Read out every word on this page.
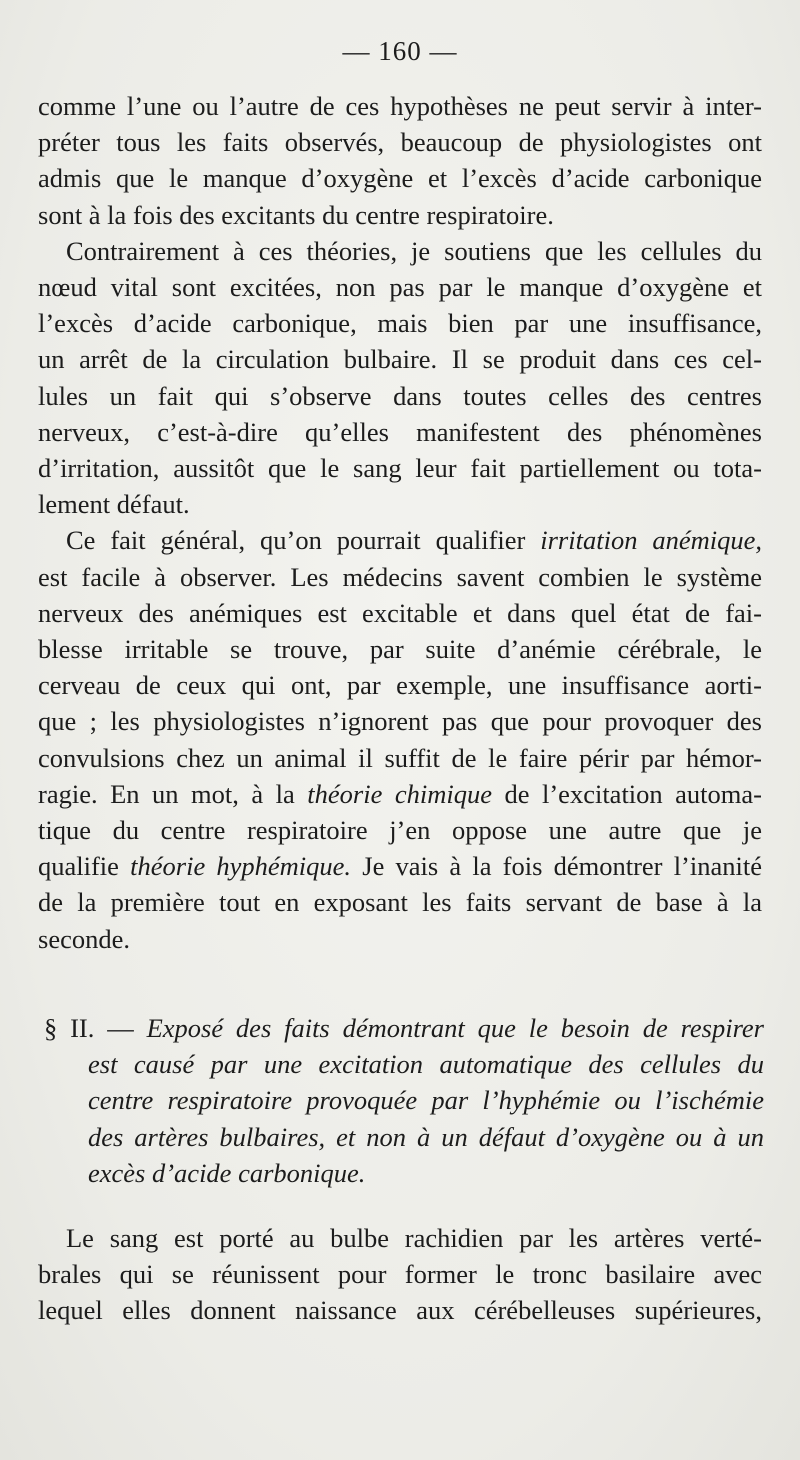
— 160 —
comme l’une ou l’autre de ces hypothèses ne peut servir à inter-
préter tous les faits observés, beaucoup de physiologistes ont
admis que le manque d’oxygène et l’excès d’acide carbonique
sont à la fois des excitants du centre respiratoire.
Contrairement à ces théories, je soutiens que les cellules du
nœud vital sont excitées, non pas par le manque d’oxygène et
l’excès d’acide carbonique, mais bien par une insuffisance,
un arrêt de la circulation bulbaire. Il se produit dans ces cel-
lules un fait qui s’observe dans toutes celles des centres
nerveux, c’est-à-dire qu’elles manifestent des phénomènes
d’irritation, aussitôt que le sang leur fait partiellement ou tota-
lement défaut.
Ce fait général, qu’on pourrait qualifier irritation anémique,
est facile à observer. Les médecins savent combien le système
nerveux des anémiques est excitable et dans quel état de fai-
blesse irritable se trouve, par suite d’anémie cérébrale, le
cerveau de ceux qui ont, par exemple, une insuffisance aorti-
que ; les physiologistes n’ignorent pas que pour provoquer des
convulsions chez un animal il suffit de le faire périr par hémor-
ragie. En un mot, à la théorie chimique de l’excitation automa-
tique du centre respiratoire j’en oppose une autre que je
qualifie théorie hyphémique. Je vais à la fois démontrer l’inanité
de la première tout en exposant les faits servant de base à la
seconde.
§ II. — Exposé des faits démontrant que le besoin de respirer
est causé par une excitation automatique des cellules du
centre respiratoire provoquée par l’hyphémie ou l’ischémie
des artères bulbaires, et non à un défaut d’oxygène ou à un
excès d’acide carbonique.
Le sang est porté au bulbe rachidien par les artères verté-
brales qui se réunissent pour former le tronc basilaire avec
lequel elles donnent naissance aux cérébelleuses supérieures,
